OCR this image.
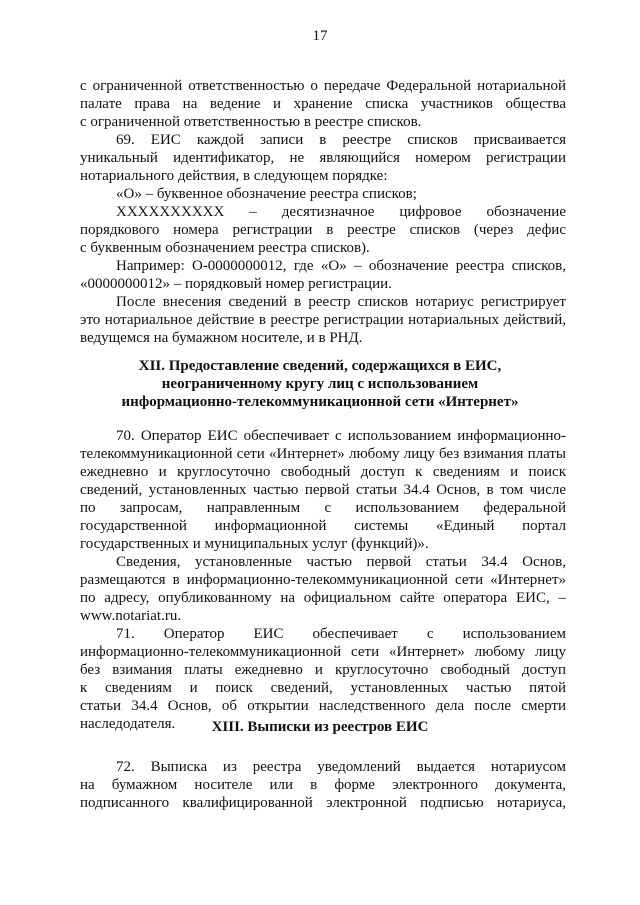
17
с ограниченной ответственностью о передаче Федеральной нотариальной
палате права на ведение и хранение списка участников общества
с ограниченной ответственностью в реестре списков.
69. ЕИС каждой записи в реестре списков присваивается
уникальный идентификатор, не являющийся номером регистрации
нотариального действия, в следующем порядке:
«О» – буквенное обозначение реестра списков;
XXXXXXXXXX – десятизначное цифровое обозначение
порядкового номера регистрации в реестре списков (через дефис
с буквенным обозначением реестра списков).
Например: О-0000000012, где «О» – обозначение реестра списков,
«0000000012» – порядковый номер регистрации.
После внесения сведений в реестр списков нотариус регистрирует
это нотариальное действие в реестре регистрации нотариальных действий,
ведущемся на бумажном носителе, и в РНД.
70. Оператор ЕИС обеспечивает с использованием информационно-
телекоммуникационной сети «Интернет» любому лицу без взимания платы
ежедневно и круглосуточно свободный доступ к сведениям и поиск
сведений, установленных частью первой статьи 34.4 Основ, в том числе
по запросам, направленным с использованием федеральной
государственной информационной системы «Единый портал
государственных и муниципальных услуг (функций)».
Сведения, установленные частью первой статьи 34.4 Основ,
размещаются в информационно-телекоммуникационной сети «Интернет»
по адресу, опубликованному на официальном сайте оператора ЕИС, –
www.notariat.ru.
71. Оператор ЕИС обеспечивает с использованием
информационно-телекоммуникационной сети «Интернет» любому лицу
без взимания платы ежедневно и круглосуточно свободный доступ
к сведениям и поиск сведений, установленных частью пятой
статьи 34.4 Основ, об открытии наследственного дела после смерти
наследодателя.
72. Выписка из реестра уведомлений выдается нотариусом
на бумажном носителе или в форме электронного документа,
подписанного квалифицированной электронной подписью нотариуса,
XII. Предоставление сведений, содержащихся в ЕИС,
неограниченному кругу лиц с использованием
информационно-телекоммуникационной сети «Интернет»
XIII. Выписки из реестров ЕИС
